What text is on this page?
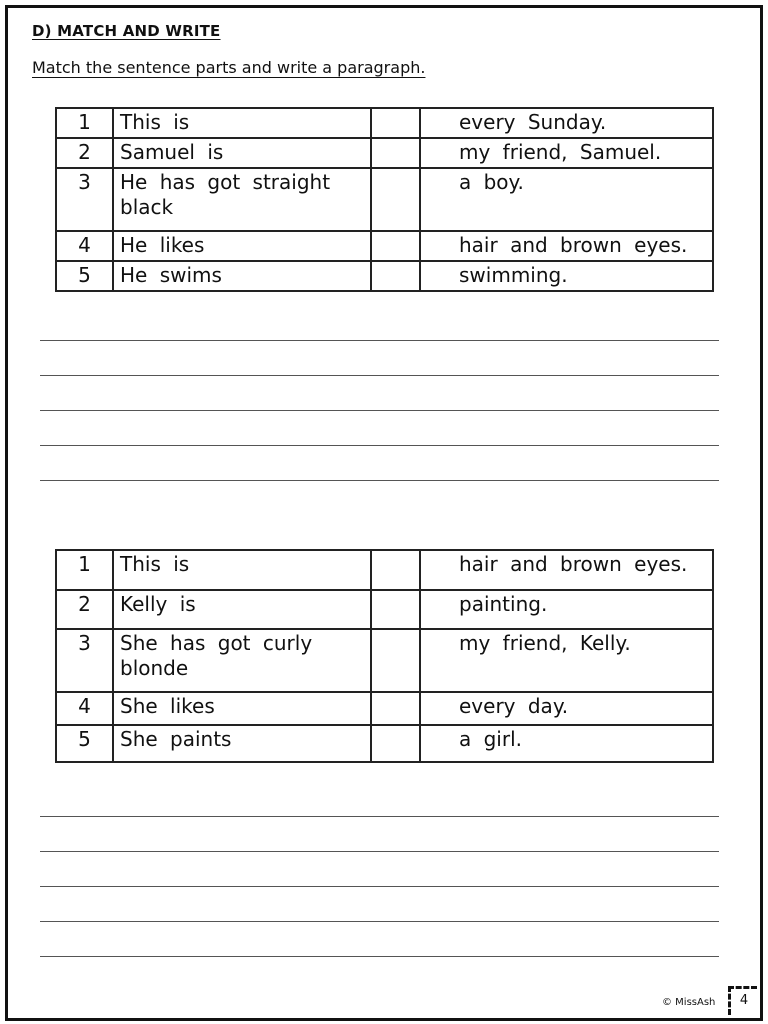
D) MATCH AND WRITE
Match the sentence parts and write a paragraph.
1	This is		every Sunday.
2	Samuel is		my friend, Samuel.
3	He has got straight black		a boy.
4	He likes		hair and brown eyes.
5	He swims		swimming.
1	This is		hair and brown eyes.
2	Kelly is		painting.
3	She has got curly blonde		my friend, Kelly.
4	She likes		every day.
5	She paints		a girl.
© MissAsh	4
